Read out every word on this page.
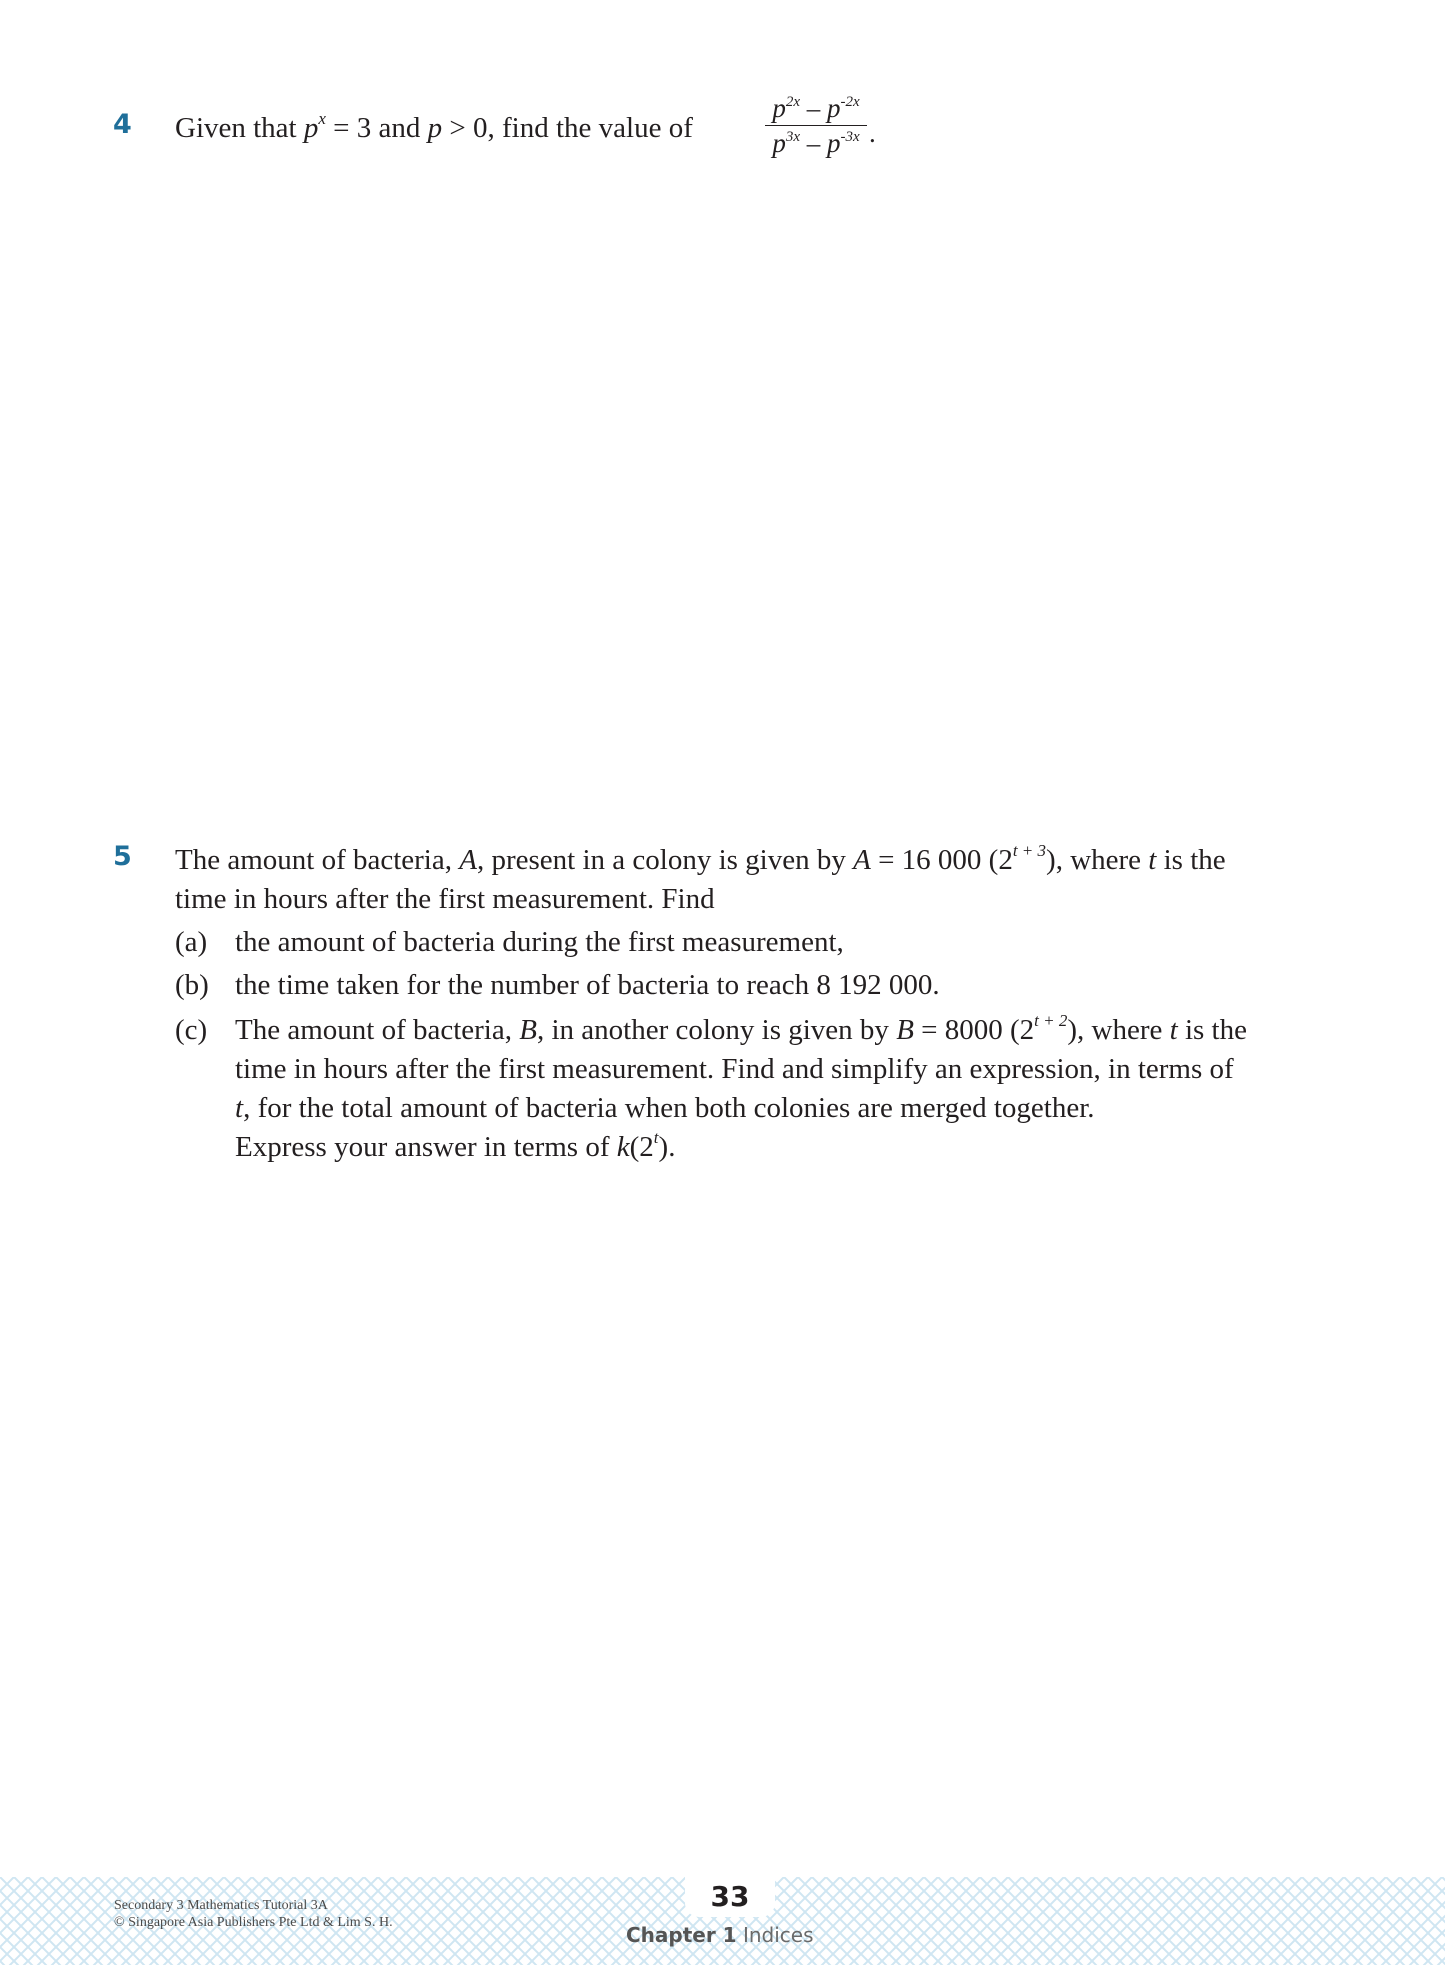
4 Given that $p^x = 3$ and p > 0, find the value of	$\frac{p^{2x} - p^{-2x}}{p^{3x} - p^{-3x}}$ .
5 The amount of bacteria, A, present in a colony is given by A = 16 000 $(2^{t + 3})$, where t is the
time in hours after the first measurement. Find
(a) the amount of bacteria during the first measurement,
(b) the time taken for the number of bacteria to reach 8 192 000.
(c) The amount of bacteria, B, in another colony is given by B = 8000 $(2^{t + 2})$, where t is the
time in hours after the first measurement. Find and simplify an expression, in terms of
t, for the total amount of bacteria when both colonies are merged together.
Express your answer in terms of k(2$^t$).
Secondary 3 Mathematics Tutorial 3A
© Singapore Asia Publishers Pte Ltd & Lim S. H.
33
Chapter 1 Indices
